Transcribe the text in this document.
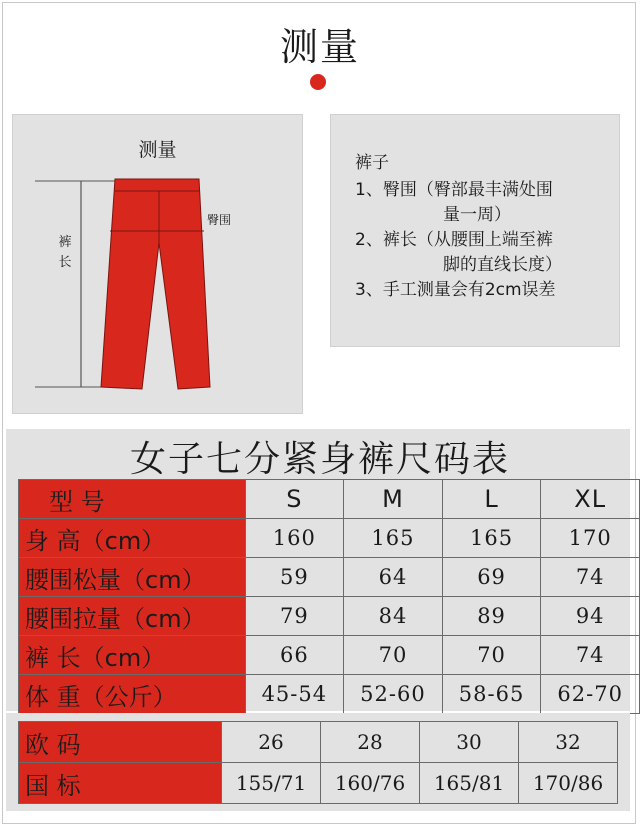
测量
测量
裤长
臀围
裤子
1、臀围（臀部最丰满处围
量一周）
2、裤长（从腰围上端至裤
脚的直线长度）
3、手工测量会有2cm误差
女子七分紧身裤尺码表
型 号	S	M	L	XL
身 高（cm）	160	165	165	170
腰围松量（cm）	59	64	69	74
腰围拉量（cm）	79	84	89	94
裤 长（cm）	66	70	70	74
体 重（公斤）	45-54	52-60	58-65	62-70
欧 码	26	28	30	32
国 标	155/71	160/76	165/81	170/86
